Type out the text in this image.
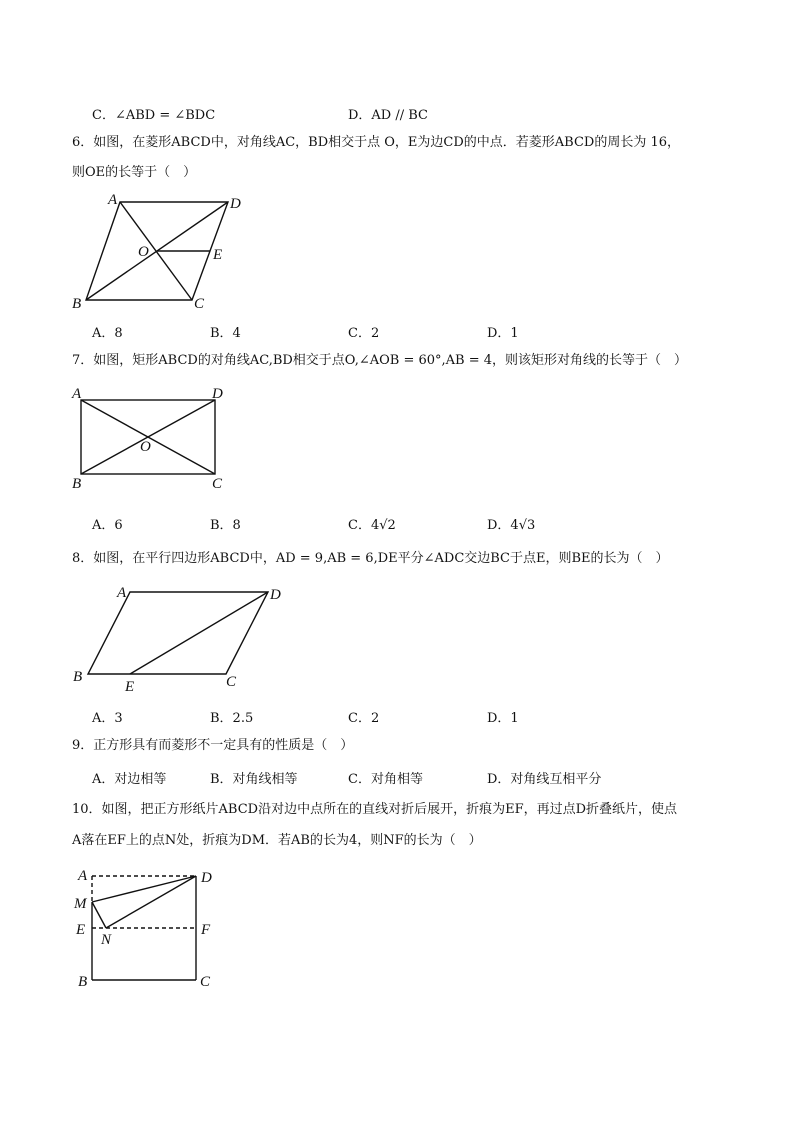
C．∠ABD = ∠BDC	D．AD // BC
6．如图，在菱形ABCD中，对角线AC，BD相交于点 O，E为边CD的中点．若菱形ABCD的周长为 16，
则OE的长等于（　）
A	D
O	E
B	C
A．8	B．4	C．2	D．1
7．如图，矩形ABCD的对角线AC,BD相交于点O,∠AOB = 60°,AB = 4，则该矩形对角线的长等于（　）
A	D
O
B	C
A．6	B．8	C．4√2	D．4√3
8．如图，在平行四边形ABCD中，AD = 9,AB = 6,DE平分∠ADC交边BC于点E，则BE的长为（　）
A	D
B
E	C
A．3	B．2.5	C．2	D．1
9．正方形具有而菱形不一定具有的性质是（　）
A．对边相等	B．对角线相等	C．对角相等	D．对角线互相平分
10．如图，把正方形纸片ABCD沿对边中点所在的直线对折后展开，折痕为EF，再过点D折叠纸片，使点
A落在EF上的点N处，折痕为DM．若AB的长为4，则NF的长为（　）
A	D
M
E
N
F
B	C
